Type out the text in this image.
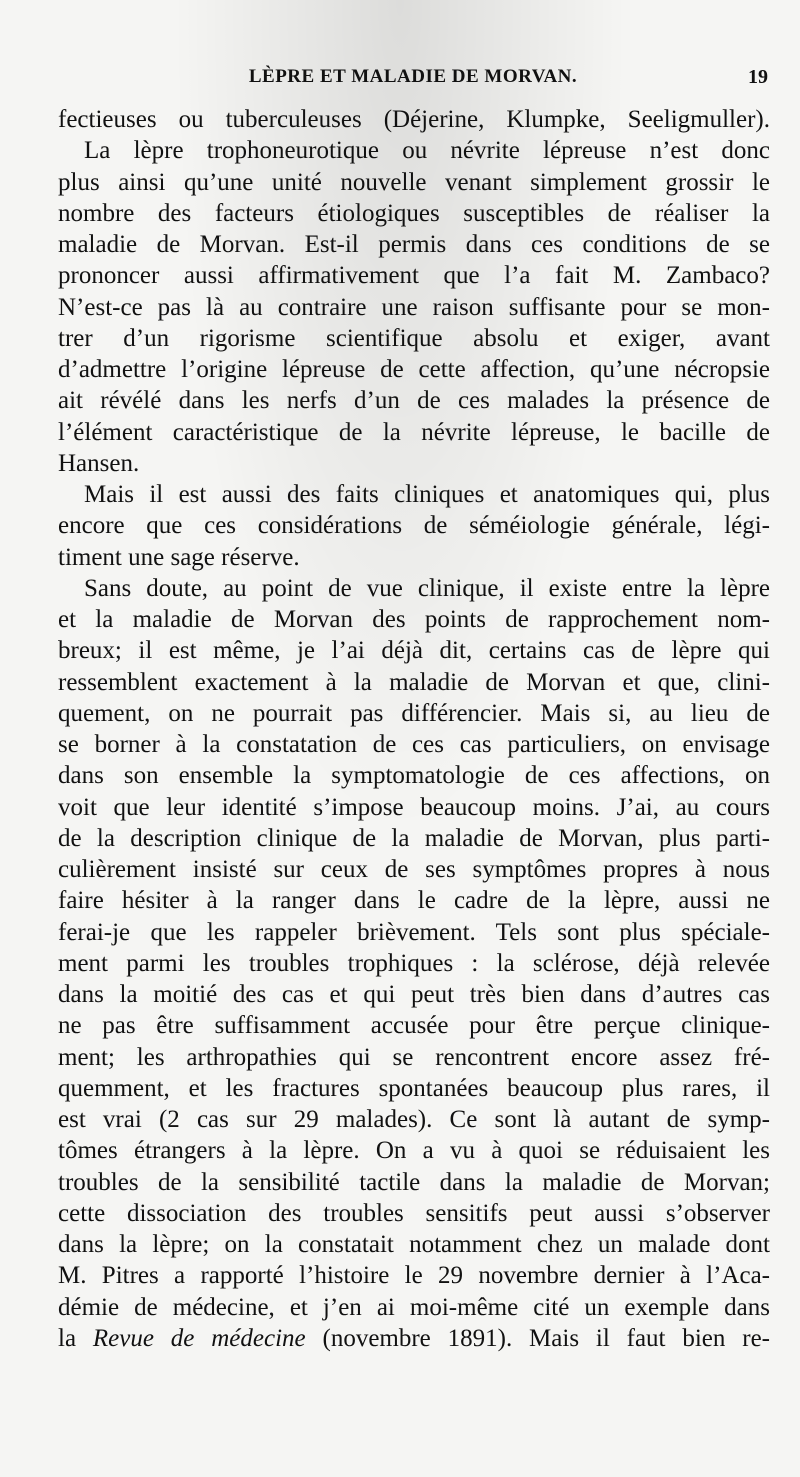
LÈPRE ET MALADIE DE MORVAN.	19
fectieuses ou tuberculeuses (Déjerine, Klumpke, Seeligmuller).
La lèpre trophoneurotique ou névrite lépreuse n’est donc
plus ainsi qu’une unité nouvelle venant simplement grossir le
nombre des facteurs étiologiques susceptibles de réaliser la
maladie de Morvan. Est-il permis dans ces conditions de se
prononcer aussi affirmativement que l’a fait M. Zambaco?
N’est-ce pas là au contraire une raison suffisante pour se mon-
trer d’un rigorisme scientifique absolu et exiger, avant
d’admettre l’origine lépreuse de cette affection, qu’une nécropsie
ait révélé dans les nerfs d’un de ces malades la présence de
l’élément caractéristique de la névrite lépreuse, le bacille de
Hansen.
Mais il est aussi des faits cliniques et anatomiques qui, plus
encore que ces considérations de séméiologie générale, légi-
timent une sage réserve.
Sans doute, au point de vue clinique, il existe entre la lèpre
et la maladie de Morvan des points de rapprochement nom-
breux; il est même, je l’ai déjà dit, certains cas de lèpre qui
ressemblent exactement à la maladie de Morvan et que, clini-
quement, on ne pourrait pas différencier. Mais si, au lieu de
se borner à la constatation de ces cas particuliers, on envisage
dans son ensemble la symptomatologie de ces affections, on
voit que leur identité s’impose beaucoup moins. J’ai, au cours
de la description clinique de la maladie de Morvan, plus parti-
culièrement insisté sur ceux de ses symptômes propres à nous
faire hésiter à la ranger dans le cadre de la lèpre, aussi ne
ferai-je que les rappeler brièvement. Tels sont plus spéciale-
ment parmi les troubles trophiques : la sclérose, déjà relevée
dans la moitié des cas et qui peut très bien dans d’autres cas
ne pas être suffisamment accusée pour être perçue clinique-
ment; les arthropathies qui se rencontrent encore assez fré-
quemment, et les fractures spontanées beaucoup plus rares, il
est vrai (2 cas sur 29 malades). Ce sont là autant de symp-
tômes étrangers à la lèpre. On a vu à quoi se réduisaient les
troubles de la sensibilité tactile dans la maladie de Morvan;
cette dissociation des troubles sensitifs peut aussi s’observer
dans la lèpre; on la constatait notamment chez un malade dont
M. Pitres a rapporté l’histoire le 29 novembre dernier à l’Aca-
démie de médecine, et j’en ai moi-même cité un exemple dans
la Revue de médecine (novembre 1891). Mais il faut bien re-
